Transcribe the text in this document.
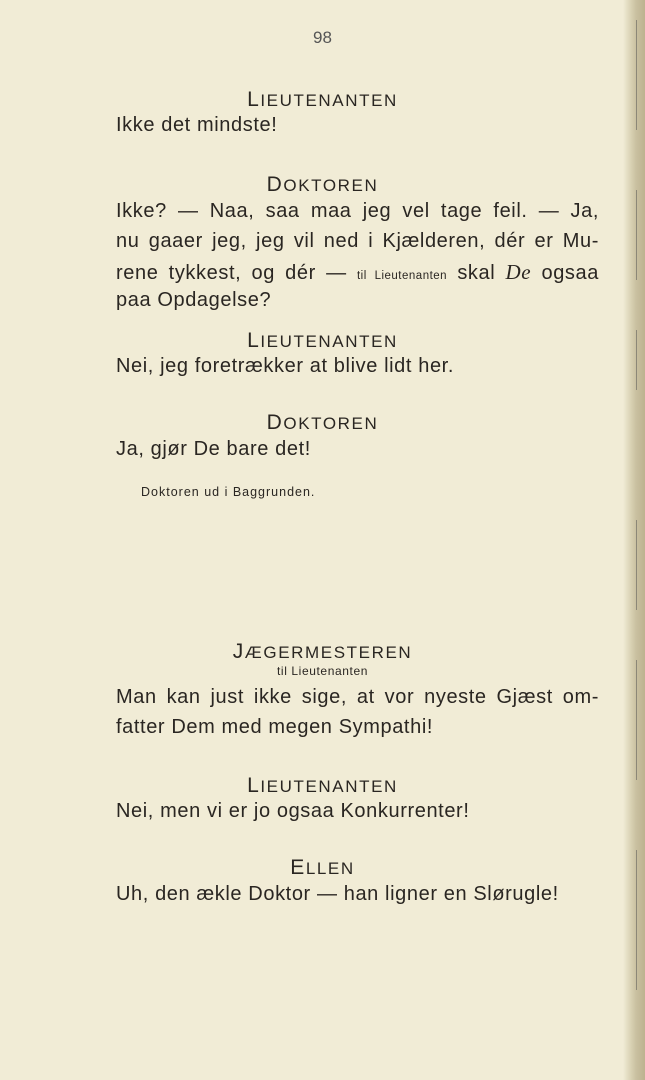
98
LIEUTENANTEN
Ikke det mindste!
DOKTOREN
Ikke? — Naa, saa maa jeg vel tage feil. — Ja,
nu gaaer jeg, jeg vil ned i Kjælderen, dér er Mu-
rene tykkest, og dér — til Lieutenanten skal De ogsaa
paa Opdagelse?
LIEUTENANTEN
Nei, jeg foretrækker at blive lidt her.
DOKTOREN
Ja, gjør De bare det!
Doktoren ud i Baggrunden.
JÆGERMESTEREN
til Lieutenanten
Man kan just ikke sige, at vor nyeste Gjæst om-
fatter Dem med megen Sympathi!
LIEUTENANTEN
Nei, men vi er jo ogsaa Konkurrenter!
ELLEN
Uh, den ækle Doktor — han ligner en Slørugle!
